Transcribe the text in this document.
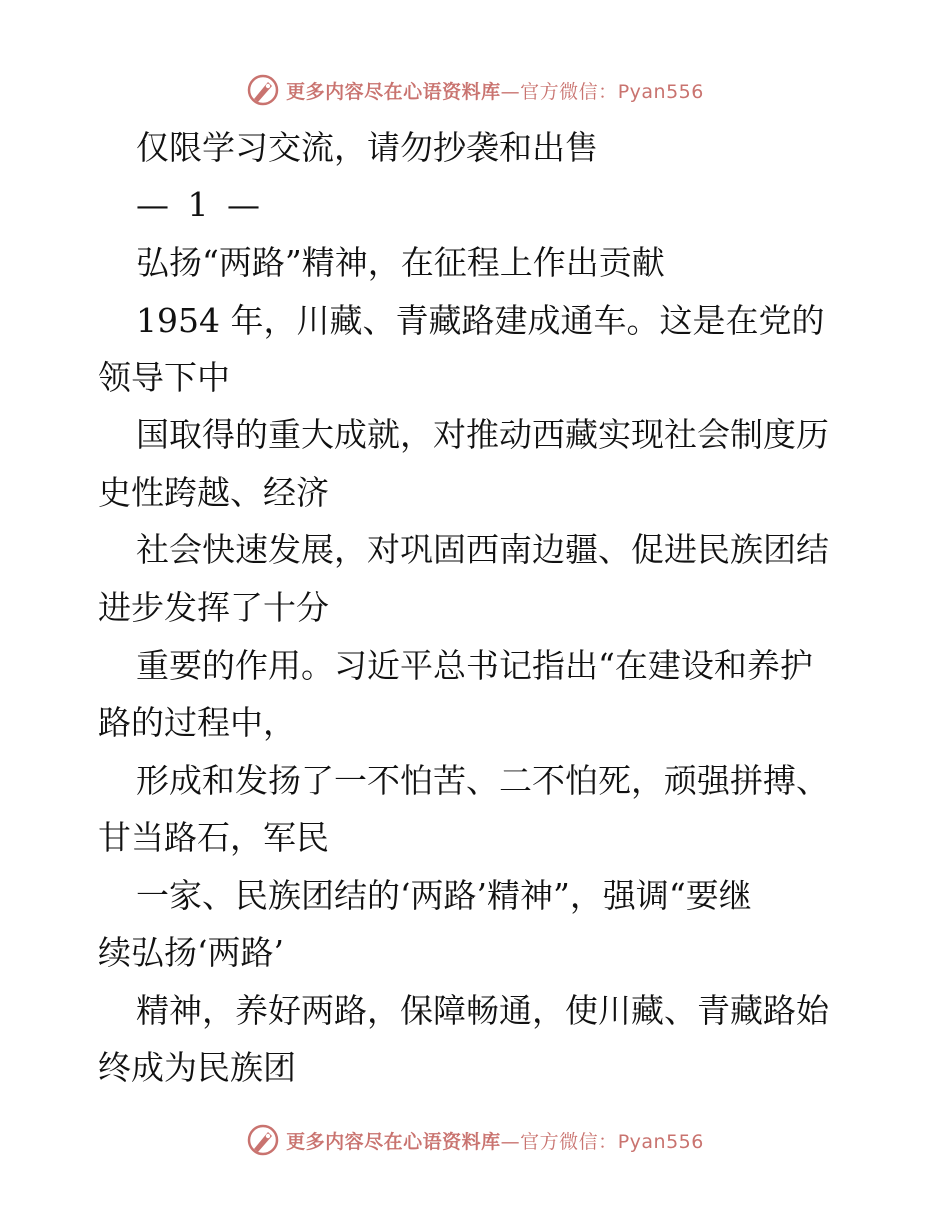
更多内容尽在心语资料库—官方微信：Pyan556
仅限学习交流，请勿抄袭和出售
— 1 —
弘扬“两路”精神，在征程上作出贡献
1954 年，川藏、青藏路建成通车。这是在党的
领导下中
国取得的重大成就，对推动西藏实现社会制度历
史性跨越、经济
社会快速发展，对巩固西南边疆、促进民族团结
进步发挥了十分
重要的作用。习近平总书记指出“在建设和养护
路的过程中，
形成和发扬了一不怕苦、二不怕死，顽强拼搏、
甘当路石，军民
一家、民族团结的‘两路’精神”，强调“要继
续弘扬‘两路’
精神，养好两路，保障畅通，使川藏、青藏路始
终成为民族团
更多内容尽在心语资料库—官方微信：Pyan556
